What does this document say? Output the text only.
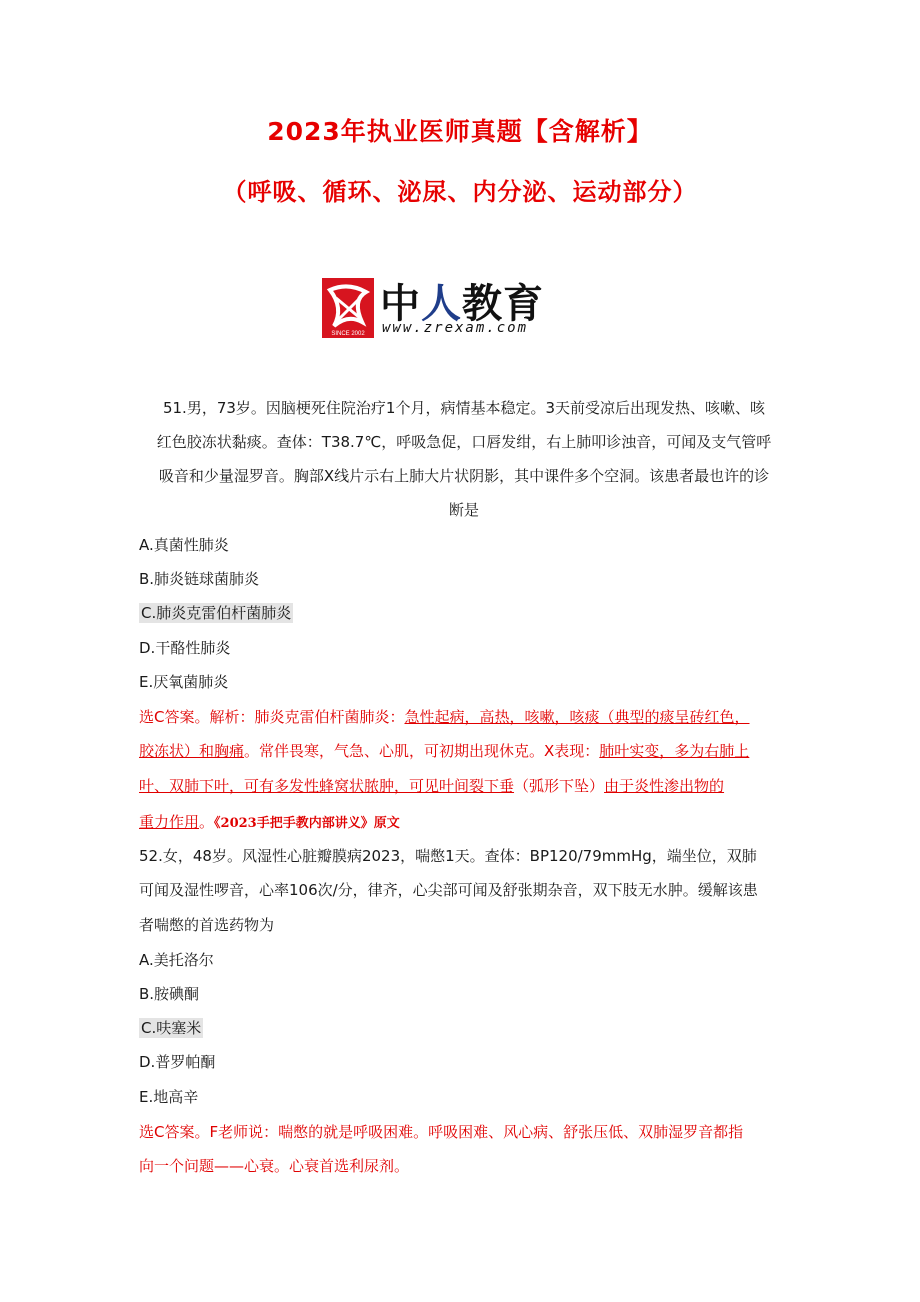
2023年执业医师真题【含解析】
（呼吸、循环、泌尿、内分泌、运动部分）
SINCE 2002
中人教育
www.zrexam.com
51.男，73岁。因脑梗死住院治疗1个月，病情基本稳定。3天前受凉后出现发热、咳嗽、咳
红色胶冻状黏痰。查体：T38.7℃，呼吸急促，口唇发绀，右上肺叩诊浊音，可闻及支气管呼
吸音和少量湿罗音。胸部X线片示右上肺大片状阴影，其中课件多个空洞。该患者最也许的诊
断是
A.真菌性肺炎
B.肺炎链球菌肺炎
C.肺炎克雷伯杆菌肺炎
D.干酪性肺炎
E.厌氧菌肺炎
选C答案。解析：肺炎克雷伯杆菌肺炎：急性起病，高热，咳嗽，咳痰（典型的痰呈砖红色，
胶冻状）和胸痛。常伴畏寒，气急、心肌，可初期出现休克。X表现：肺叶实变，多为右肺上
叶、双肺下叶，可有多发性蜂窝状脓肿，可见叶间裂下垂（弧形下坠）由于炎性渗出物的
重力作用。《2023手把手教内部讲义》原文
52.女，48岁。风湿性心脏瓣膜病2023，喘憋1天。查体：BP120/79mmHg，端坐位，双肺
可闻及湿性啰音，心率106次/分，律齐，心尖部可闻及舒张期杂音，双下肢无水肿。缓解该患
者喘憋的首选药物为
A.美托洛尔
B.胺碘酮
C.呋塞米
D.普罗帕酮
E.地高辛
选C答案。F老师说：喘憋的就是呼吸困难。呼吸困难、风心病、舒张压低、双肺湿罗音都指
向一个问题——心衰。心衰首选利尿剂。
